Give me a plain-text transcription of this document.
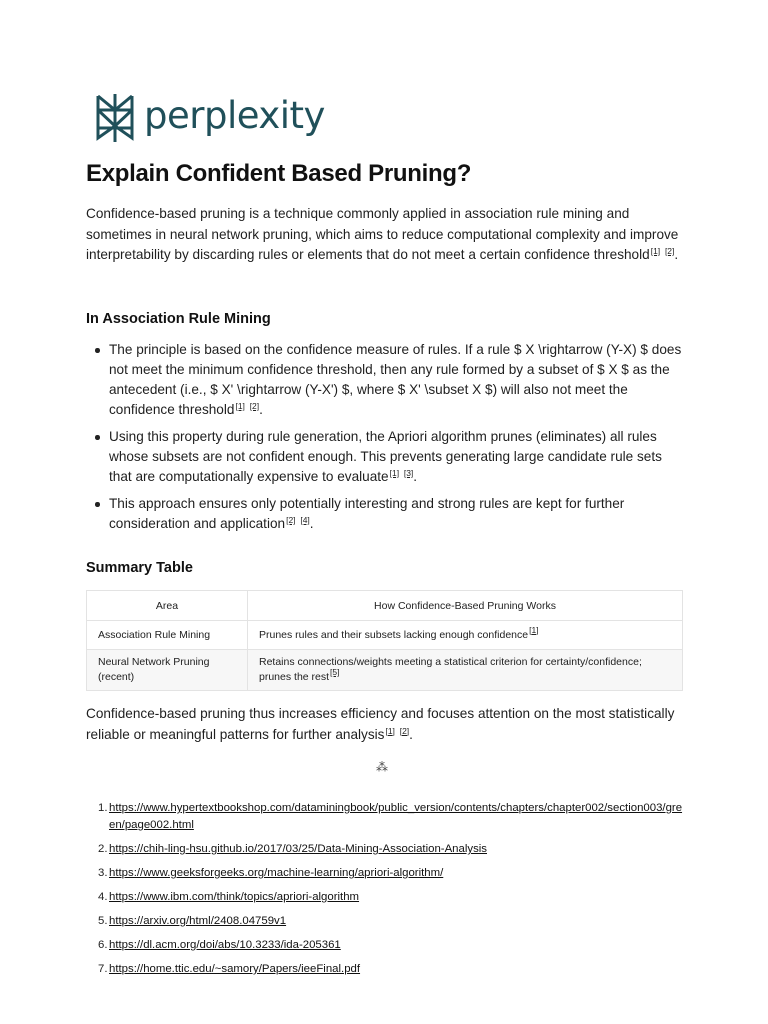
perplexity
Explain Confident Based Pruning?

Confidence-based pruning is a technique commonly applied in association rule mining and sometimes in neural network pruning, which aims to reduce computational complexity and improve interpretability by discarding rules or elements that do not meet a certain confidence threshold[1] [2].

In Association Rule Mining
The principle is based on the confidence measure of rules. If a rule $ X \rightarrow (Y-X) $ does not meet the minimum confidence threshold, then any rule formed by a subset of $ X $ as the antecedent (i.e., $ X' \rightarrow (Y-X') $, where $ X' \subset X $) will also not meet the confidence threshold[1] [2].
Using this property during rule generation, the Apriori algorithm prunes (eliminates) all rules whose subsets are not confident enough. This prevents generating large candidate rule sets that are computationally expensive to evaluate[1] [3].
This approach ensures only potentially interesting and strong rules are kept for further consideration and application[2] [4].
Summary Table
Area	How Confidence-Based Pruning Works
Association Rule Mining	Prunes rules and their subsets lacking enough confidence[1]
Neural Network Pruning (recent)	Retains connections/weights meeting a statistical criterion for certainty/confidence; prunes the rest[5]

Confidence-based pruning thus increases efficiency and focuses attention on the most statistically reliable or meaningful patterns for further analysis[1] [2].

⁂
1. https://www.hypertextbookshop.com/dataminingbook/public_version/contents/chapters/chapter002/section003/green/page002.html
2. https://chih-ling-hsu.github.io/2017/03/25/Data-Mining-Association-Analysis
3. https://www.geeksforgeeks.org/machine-learning/apriori-algorithm/
4. https://www.ibm.com/think/topics/apriori-algorithm
5. https://arxiv.org/html/2408.04759v1
6. https://dl.acm.org/doi/abs/10.3233/ida-205361
7. https://home.ttic.edu/~samory/Papers/ieeFinal.pdf
